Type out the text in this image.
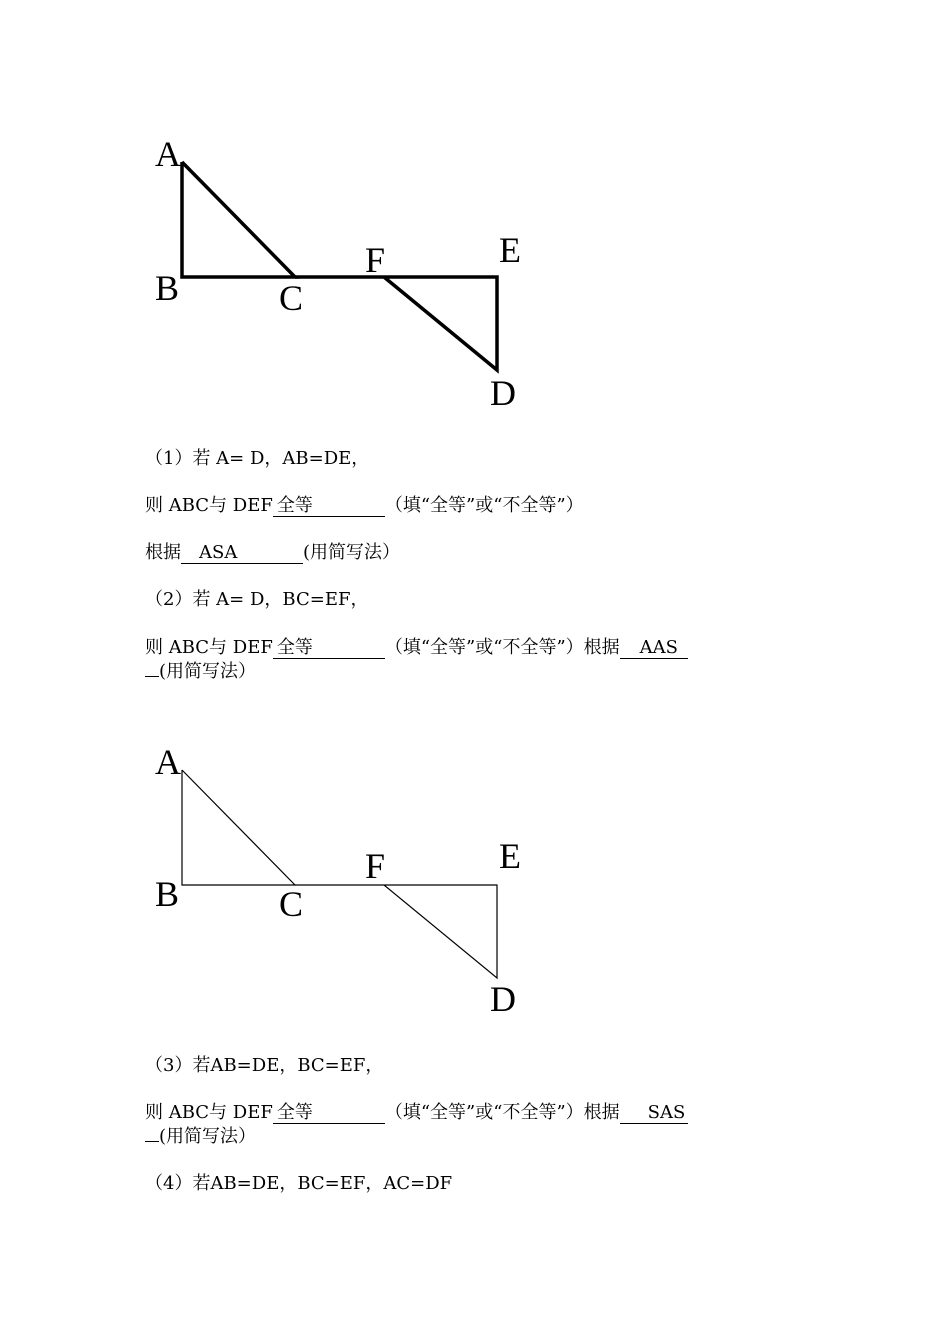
A
B	C
F	E
D
（1）若 A= D，AB=DE，
则 ABC与 DEF 全等	（填“全等”或“不全等”）
根据 ASA	(用简写法）
（2）若 A= D，BC=EF，
则 ABC与 DEF 全等	（填“全等”或“不全等”）根据 AAS
(用简写法）
A
B	C
F	E
D
（3）若AB=DE，BC=EF，
则 ABC与 DEF 全等	（填“全等”或“不全等”）根据 SAS
(用简写法）
（4）若AB=DE，BC=EF，AC=DF
